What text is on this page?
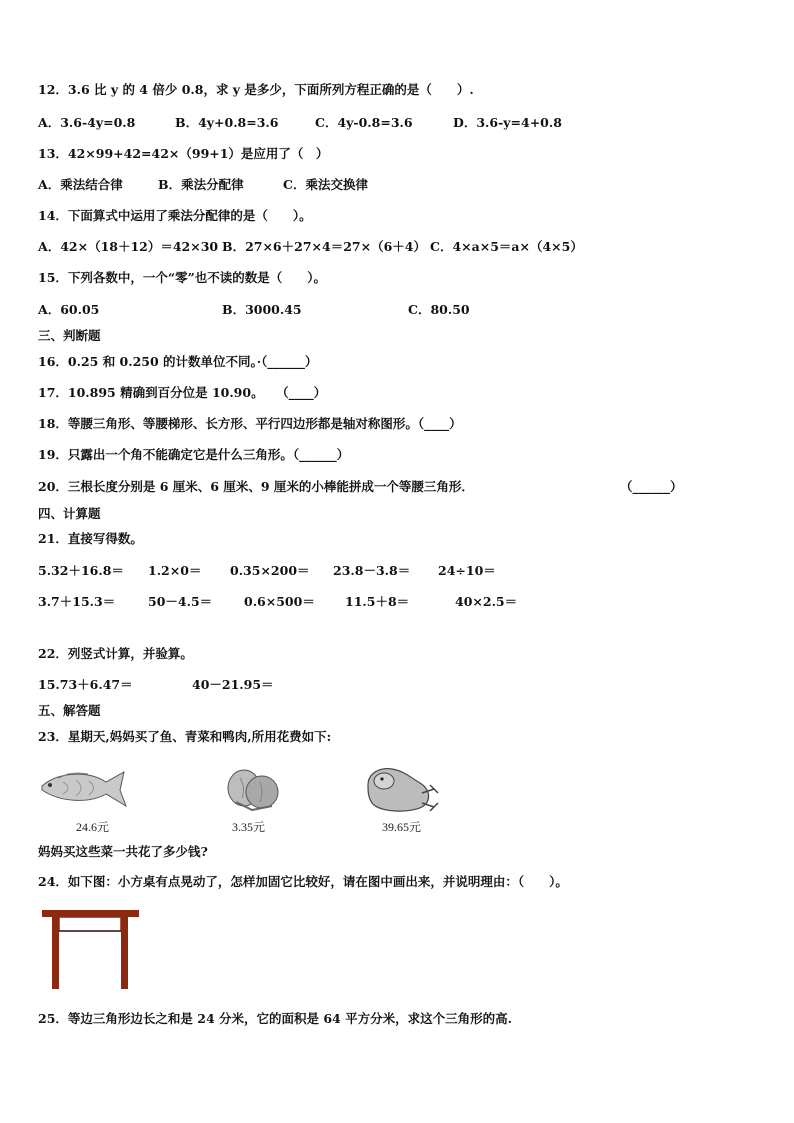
12．3.6 比 y 的 4 倍少 0.8，求 y 是多少，下面所列方程正确的是（　　）.
A．3.6-4y=0.8	B．4y+0.8=3.6	C．4y-0.8=3.6	D．3.6-y=4+0.8
13．42×99+42=42×（99+1）是应用了（　）
A．乘法结合律	B．乘法分配律	C．乘法交换律
14．下面算式中运用了乘法分配律的是（　　）。
A．42×（18＋12）＝42×30 B．27×6＋27×4＝27×（6＋4） C．4×a×5＝a×（4×5）
15．下列各数中，一个“零”也不读的数是（　　）。
A．60.05	B．3000.45	C．80.50
三、判断题
16．0.25 和 0.250 的计数单位不同。·（______）
17．10.895 精确到百分位是 10.90。　　（____）
18．等腰三角形、等腰梯形、长方形、平行四边形都是轴对称图形。（____）
19．只露出一个角不能确定它是什么三角形。（______）
20．三根长度分别是 6 厘米、6 厘米、9 厘米的小棒能拼成一个等腰三角形．	（______）
四、计算题
21．直接写得数。
5.32＋16.8＝ 1.2×0＝ 0.35×200＝ 23.8－3.8＝ 24÷10＝
3.7＋15.3＝	50－4.5＝	0.6×500＝ 11.5＋8＝	40×2.5＝
22．列竖式计算，并验算。
15.73＋6.47＝	40－21.95＝
五、解答题
23．星期天,妈妈买了鱼、青菜和鸭肉,所用花费如下:
24.6元	3.35元	39.65元
妈妈买这些菜一共花了多少钱?
24．如下图：小方桌有点晃动了，怎样加固它比较好，请在图中画出来，并说明理由：（　　）。
25．等边三角形边长之和是 24 分米，它的面积是 64 平方分米，求这个三角形的高.
